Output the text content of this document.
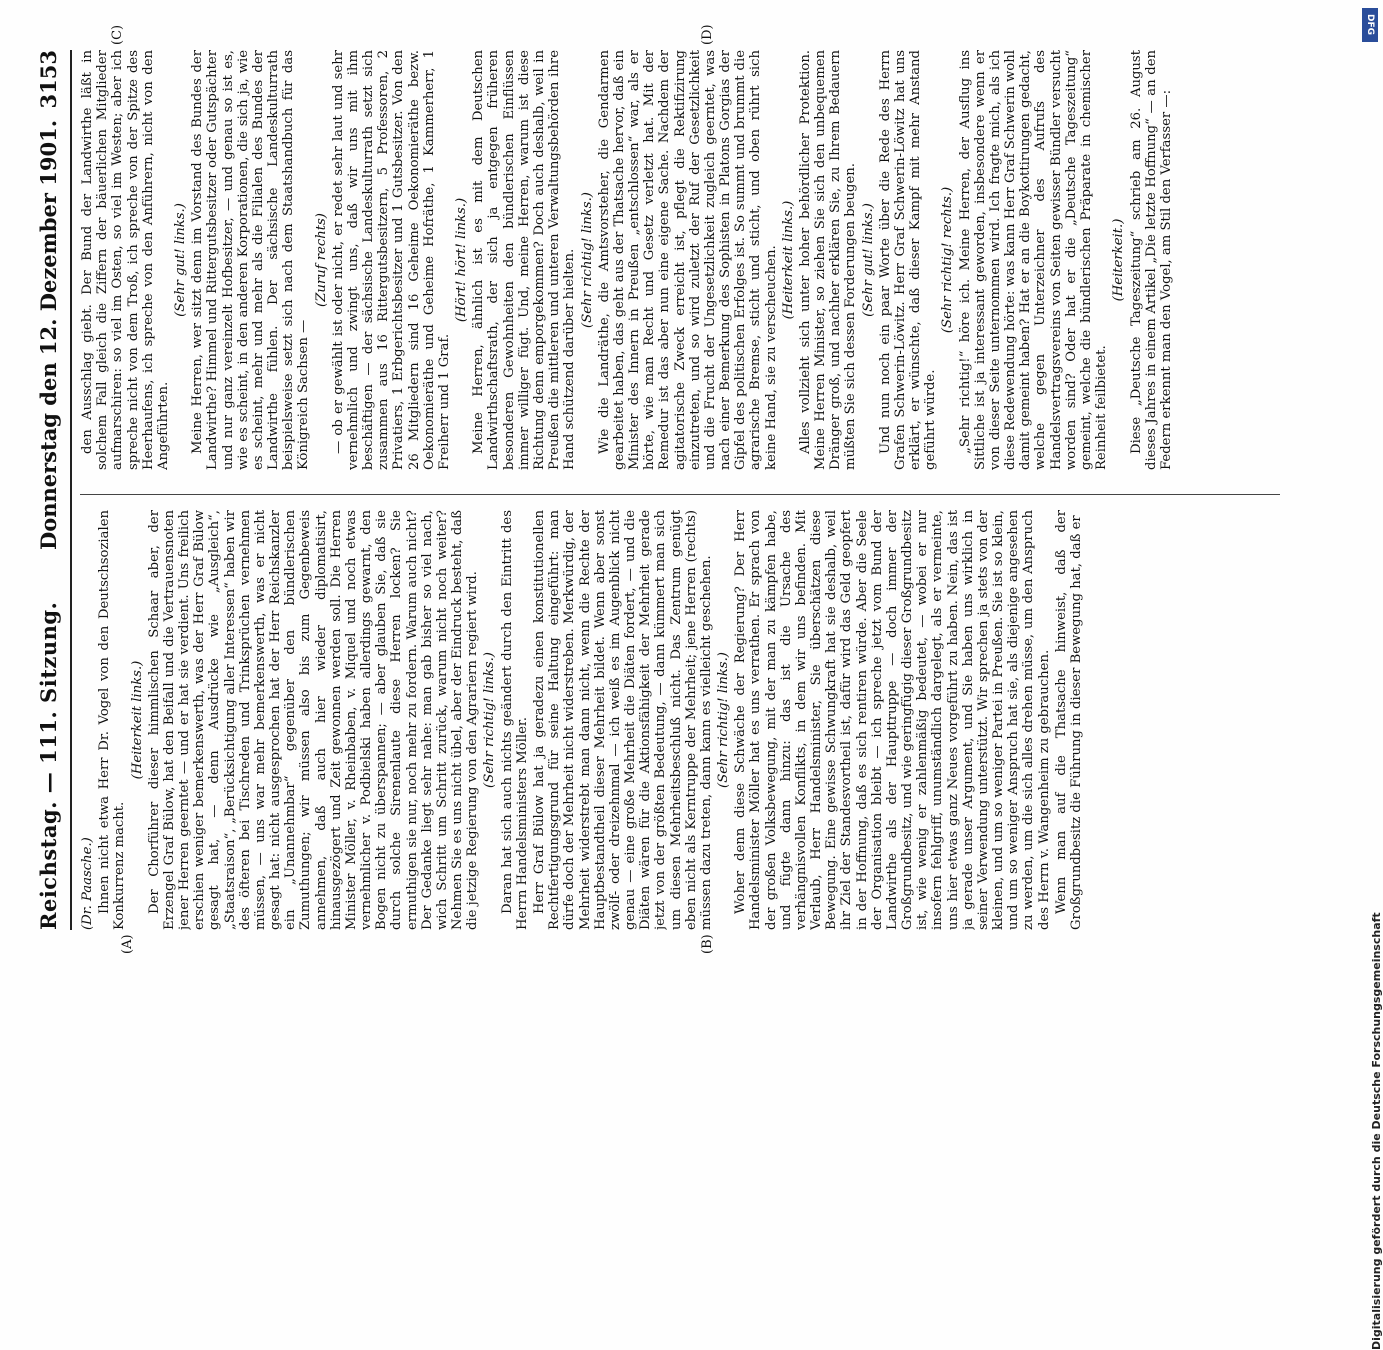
Reichstag. — 111. Sitzung.
Donnerstag den 12. Dezember 1901.
3153
(A)	(B)
(C)	(D)

(Dr. Paasche.) Ihnen nicht etwa Herr Dr. Vogel von den Deutschsozialen Konkurrenz macht.

(Heiterkeit links.) Der Chorführer dieser himmlischen Schaar aber, der Erzengel Graf Bülow, hat den Beifall und die Vertrauensnoten jener Herren geerntet — und er hat sie verdient. Uns freilich erschien weniger bemerkenswerth, was der Herr Graf Bülow gesagt hat, — denn Ausdrücke wie „Ausgleich“, „Staatsraison“, „Berücksichtigung aller Interessen“ haben wir des öfteren bei Tischreden und Trinksprüchen vernehmen müssen, — uns war mehr bemerkenswerth, was er nicht gesagt hat: nicht ausgesprochen hat der Herr Reichskanzler ein „Unannehmbar“ gegenüber den bündlerischen Zumuthungen; wir müssen also bis zum Gegenbeweis annehmen, daß auch hier wieder diplomatisirt, hinausgezögert und Zeit gewonnen werden soll. Die Herren Minister Möller, v. Rheinbaben, v. Miquel und noch etwas vernehmlicher v. Podbielski haben allerdings gewarnt, den Bogen nicht zu überspannen; — aber glauben Sie, daß sie durch solche Sirenenlaute diese Herren locken? Sie ermuthigen sie nur, noch mehr zu fordern. Warum auch nicht? Der Gedanke liegt sehr nahe: man gab bisher so viel nach, wich Schritt um Schritt zurück, warum nicht noch weiter? Nehmen Sie es uns nicht übel, aber der Eindruck besteht, daß die jetzige Regierung von den Agrariern regiert wird. (Sehr richtig! links.) Daran hat sich auch nichts geändert durch den Eintritt des Herrn Handelsministers Möller. Herr Graf Bülow hat ja geradezu einen konstitutionellen Rechtfertigungsgrund für seine Haltung eingeführt: man dürfe doch der Mehrheit nicht widerstreben. Merkwürdig, der Mehrheit widerstrebt man dann nicht, wenn die Rechte der Hauptbestandtheil dieser Mehrheit bildet. Wenn aber sonst zwölf- oder dreizehnmal — ich weiß es im Augenblick nicht genau — eine große Mehrheit die Diäten fordert, — und die Diäten wären für die Aktionsfähigkeit der Mehrheit gerade jetzt von der größten Bedeutung, — dann kümmert man sich um diesen Mehrheitsbeschluß nicht. Das Zentrum genügt eben nicht als Kerntruppe der Mehrheit; jene Herren (rechts) müssen dazu treten, dann kann es vielleicht geschehen. (Sehr richtig! links.) Woher denn diese Schwäche der Regierung? Der Herr Handelsminister Möller hat es uns verrathen. Er sprach von der großen Volksbewegung, mit der man zu kämpfen habe, und fügte dann hinzu: das ist die Ursache des verhängnisvollen Konflikts, in dem wir uns befinden. Mit Verlaub, Herr Handelsminister, Sie überschätzen diese Bewegung. Eine gewisse Schwungkraft hat sie deshalb, weil ihr Ziel der Standesvortheil ist, dafür wird das Geld geopfert in der Hoffnung, daß es sich rentiren würde. Aber die Seele der Organisation bleibt — ich spreche jetzt vom Bund der Landwirthe als der Haupttruppe — doch immer der Großgrundbesitz, und wie geringfügig dieser Großgrundbesitz ist, wie wenig er zahlenmäßig bedeutet, — wobei er nur insofern fehlgriff, unumständlich dargelegt, als er vermeinte, uns hier etwas ganz Neues vorgeführt zu haben. Nein, das ist ja gerade unser Argument, und Sie haben uns wirklich in seiner Verwendung unterstützt. Wir sprechen ja stets von der kleinen, und um so weniger Partei in Preußen. Sie ist so klein, und um so weniger Anspruch hat sie, als diejenige angesehen zu werden, um die sich alles drehen müsse, um den Anspruch des Herrn v. Wangenheim zu gebrauchen. Wenn man auf die Thatsache hinweist, daß der Großgrundbesitz die Führung in dieser Bewegung hat, daß er

den Ausschlag giebt. Der Bund der Landwirthe läßt in solchem Fall gleich die Ziffern der bäuerlichen Mitglieder aufmarschiren: so viel im Osten, so viel im Westen; aber ich spreche nicht von dem Troß, ich spreche von der Spitze des Heerhaufens, ich spreche von den Anführern, nicht von den Angeführten.

(Sehr gut! links.) Meine Herren, wer sitzt denn im Vorstand des Bundes der Landwirthe? Himmel und Rittergutsbesitzer oder Gutspächter und nur ganz vereinzelt Hofbesitzer, — und genau so ist es, wie es scheint, in den anderen Korporationen, die sich ja, wie es scheint, mehr und mehr als die Filialen des Bundes der Landwirthe fühlen. Der sächsische Landeskulturrath beispielsweise setzt sich nach dem Staatshandbuch für das Königreich Sachsen —

(Zuruf rechts) — ob er gewählt ist oder nicht, er redet sehr laut und sehr vernehmlich und zwingt uns, daß wir uns mit ihm beschäftigen — der sächsische Landeskulturrath setzt sich zusammen aus 16 Rittergutsbesitzern, 5 Professoren, 2 Privatiers, 1 Erbgerichtsbesitzer und 1 Gutsbesitzer. Von den 26 Mitgliedern sind 16 Geheime Oekonomieräthe bezw. Oekonomieräthe und Geheime Hofräthe, 1 Kammerherr, 1 Freiherr und 1 Graf.

(Hört! hört! links.) Meine Herren, ähnlich ist es mit dem Deutschen Landwirthschaftsrath, der sich ja entgegen früheren besonderen Gewohnheiten den bündlerischen Einflüssen immer williger fügt. Und, meine Herren, warum ist diese Richtung denn emporgekommen? Doch auch deshalb, weil in Preußen die mittleren und unteren Verwaltungsbehörden ihre Hand schützend darüber hielten. (Sehr richtig! links.) Wie die Landräthe, die Amtsvorsteher, die Gendarmen gearbeitet haben, das geht aus der Thatsache hervor, daß ein Minister des Innern in Preußen „entschlossen“ war, als er hörte, wie man Recht und Gesetz verletzt hat. Mit der Remedur ist das aber nun eine eigene Sache. Nachdem der agitatorische Zweck erreicht ist, pflegt die Rektifizirung einzutreten, und so wird zuletzt der Ruf der Gesetzlichkeit und die Frucht der Ungesetzlichkeit zugleich geerntet, was nach einer Bemerkung des Sophisten in Platons Gorgias der Gipfel des politischen Erfolges ist. So summt und brummt die agrarische Bremse, sticht und sticht, und oben rührt sich keine Hand, sie zu verscheuchen. (Heiterkeit links.) Alles vollzieht sich unter hoher behördlicher Protektion. Meine Herren Minister, so ziehen Sie sich den unbequemen Dränger groß, und nachher erklären Sie, zu Ihrem Bedauern müßten Sie sich dessen Forderungen beugen. (Sehr gut! links.) Und nun noch ein paar Worte über die Rede des Herrn Grafen Schwerin-Löwitz. Herr Graf Schwerin-Löwitz hat uns erklärt, er wünschte, daß dieser Kampf mit mehr Anstand geführt würde.

(Sehr richtig! rechts.) „Sehr richtig!“ höre ich. Meine Herren, der Ausflug ins Sittliche ist ja interessant geworden, insbesondere wenn er von dieser Seite unternommen wird. Ich fragte mich, als ich diese Redewendung hörte: was kann Herr Graf Schwerin wohl damit gemeint haben? Hat er an die Boykottirungen gedacht, welche gegen Unterzeichner des Aufrufs des Handelsvertragsvereins von Seiten gewisser Bündler versucht worden sind? Oder hat er die „Deutsche Tageszeitung“ gemeint, welche die bündlerischen Präparate in chemischer Reinheit feilbietet.

(Heiterkeit.) Diese „Deutsche Tageszeitung“ schrieb am 26. August dieses Jahres in einem Artikel „Die letzte Hoffnung“ — an den Federn erkennt man den Vogel, am Stil den Verfasser —:

DFG
Digitalisierung gefördert durch die Deutsche Forschungsgemeinschaft
